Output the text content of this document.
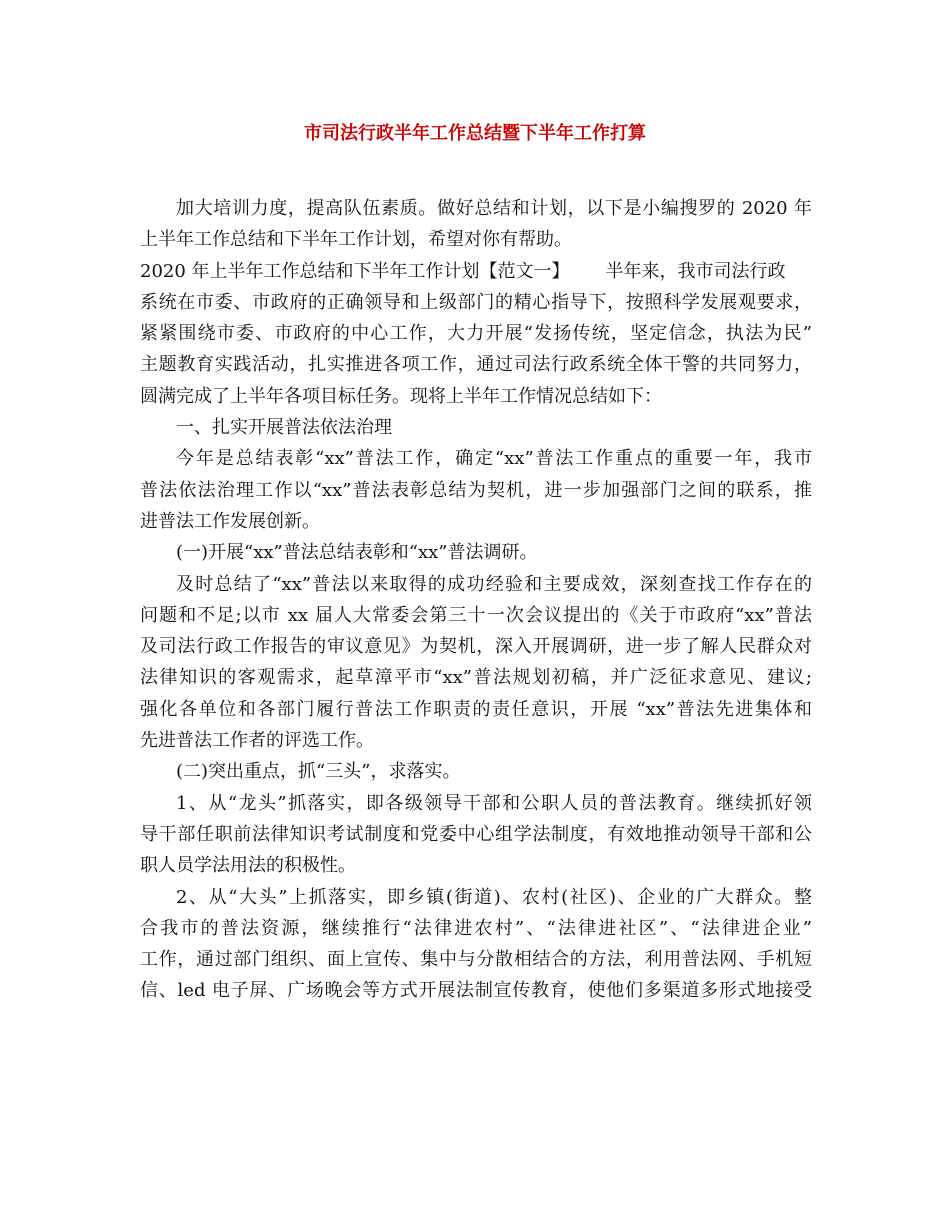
市司法行政半年工作总结暨下半年工作打算
加大培训力度，提高队伍素质。做好总结和计划，以下是小编搜罗的 2020 年
上半年工作总结和下半年工作计划，希望对你有帮助。
2020 年上半年工作总结和下半年工作计划【范文一】 半年来，我市司法行政
系统在市委、市政府的正确领导和上级部门的精心指导下，按照科学发展观要求，
紧紧围绕市委、市政府的中心工作，大力开展“发扬传统，坚定信念，执法为民”
主题教育实践活动，扎实推进各项工作，通过司法行政系统全体干警的共同努力，
圆满完成了上半年各项目标任务。现将上半年工作情况总结如下：
一、扎实开展普法依法治理
今年是总结表彰“xx”普法工作，确定“xx”普法工作重点的重要一年，我市
普法依法治理工作以“xx”普法表彰总结为契机，进一步加强部门之间的联系，推
进普法工作发展创新。
(一)开展“xx”普法总结表彰和“xx”普法调研。
及时总结了“xx”普法以来取得的成功经验和主要成效，深刻查找工作存在的
问题和不足;以市 xx 届人大常委会第三十一次会议提出的《关于市政府“xx”普法
及司法行政工作报告的审议意见》为契机，深入开展调研，进一步了解人民群众对
法律知识的客观需求，起草漳平市“xx”普法规划初稿，并广泛征求意见、建议;
强化各单位和各部门履行普法工作职责的责任意识，开展 “xx”普法先进集体和
先进普法工作者的评选工作。
(二)突出重点，抓“三头”，求落实。
1、从“龙头”抓落实，即各级领导干部和公职人员的普法教育。继续抓好领
导干部任职前法律知识考试制度和党委中心组学法制度，有效地推动领导干部和公
职人员学法用法的积极性。
2、从“大头”上抓落实，即乡镇(街道)、农村(社区)、企业的广大群众。整
合我市的普法资源，继续推行“法律进农村”、“法律进社区”、“法律进企业”
工作，通过部门组织、面上宣传、集中与分散相结合的方法，利用普法网、手机短
信、led 电子屏、广场晚会等方式开展法制宣传教育，使他们多渠道多形式地接受
